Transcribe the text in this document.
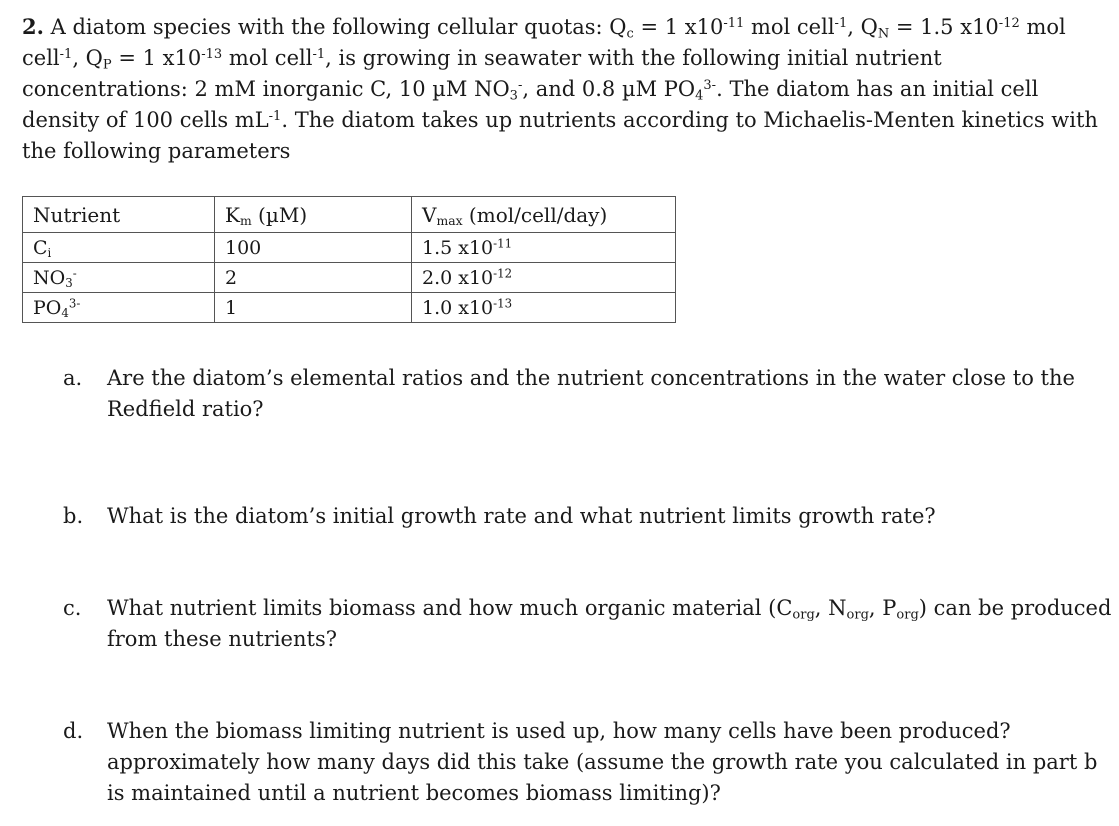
2. A diatom species with the following cellular quotas: $Q_c = 1$ $x10^{-11}$ mol cell$^{-1}$, $Q_N = 1.5$ $x10^{-12}$ mol cell$^{-1}$, $Q_P = 1$ $x10^{-13}$ mol cell$^{-1}$, is growing in seawater with the following initial nutrient concentrations: 2 mM inorganic C, 10 µM $NO_3^-$, and 0.8 µM $PO_4^{3-}$. The diatom has an initial cell density of 100 cells $mL^{-1}$. The diatom takes up nutrients according to Michaelis-Menten kinetics with the following parameters

Nutrient	$K_m$ (µM)	$V_{max}$ (mol/cell/day)
$C_i$	100	1.5 $x10^{-11}$
$NO_3^-$	2	2.0 $x10^{-12}$
$PO_4^{3-}$	1	1.0 $x10^{-13}$
a.	Are the diatom’s elemental ratios and the nutrient concentrations in the water close to the Redfield ratio?
b.	What is the diatom’s initial growth rate and what nutrient limits growth rate?
c.	What nutrient limits biomass and how much organic material ($C_{org}$, $N_{org}$, $P_{org}$) can be produced from these nutrients?
d.	When the biomass limiting nutrient is used up, how many cells have been produced? approximately how many days did this take (assume the growth rate you calculated in part b is maintained until a nutrient becomes biomass limiting)?
